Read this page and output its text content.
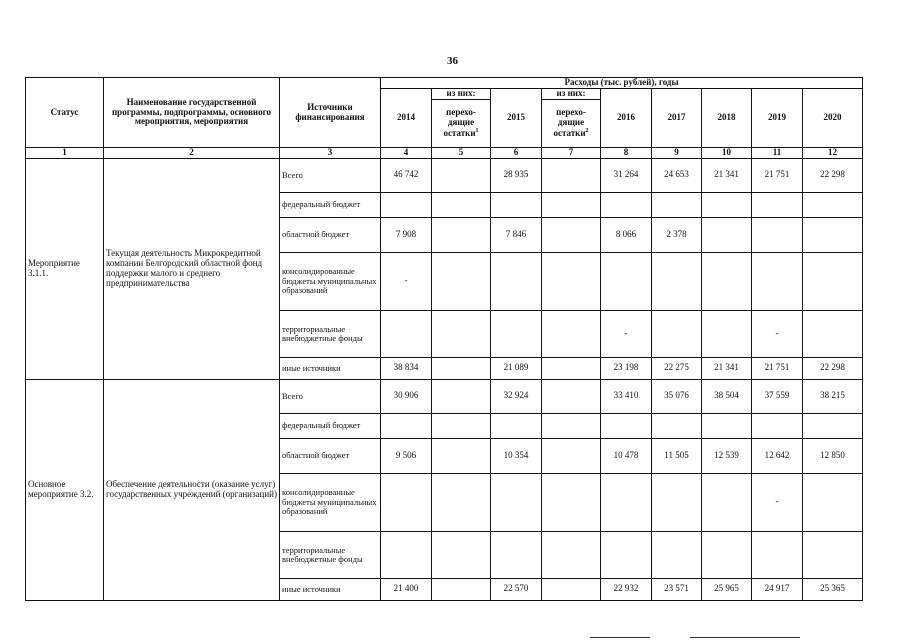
36
Статус	Наименование государственной программы, подпрограммы, основного мероприятия, мероприятия	Источники финансирования	Расходы (тыс. рублей), годы								
			2014	из них:	2015	из них:	2016	2017	2018	2019	2020
				перехо-дящие остатки$^1$		перехо-дящие остатки$^2$
1	2	3	4	5	6	7	8	9	10	11	12
Мероприятие 3.1.1.	Текущая деятельность Микрокредитной компании Белгородский областной фонд поддержки малого и среднего предпринимательства	Всего	46 742		28 935		31 264	24 653	21 341	21 751	22 298
		федеральный бюджет									
		областной бюджет	7 908		7 846		8 066	2 378			
		консолидированные бюджеты муниципальных образований	-								
		территориальные внебюджетные фонды					-			-	
		иные источники	38 834		21 089		23 198	22 275	21 341	21 751	22 298
Основное мероприятие 3.2.	Обеспечение деятельности (оказание услуг) государственных учреждений (организаций)	Всего	30 906		32 924		33 410	35 076	38 504	37 559	38 215
		федеральный бюджет									
		областной бюджет	9 506		10 354		10 478	11 505	12 539	12 642	12 850
		консолидированные бюджеты муниципальных образований								-	
		территориальные внебюджетные фонды									
		иные источники	21 400		22 570		22 932	23 571	25 965	24 917	25 365
